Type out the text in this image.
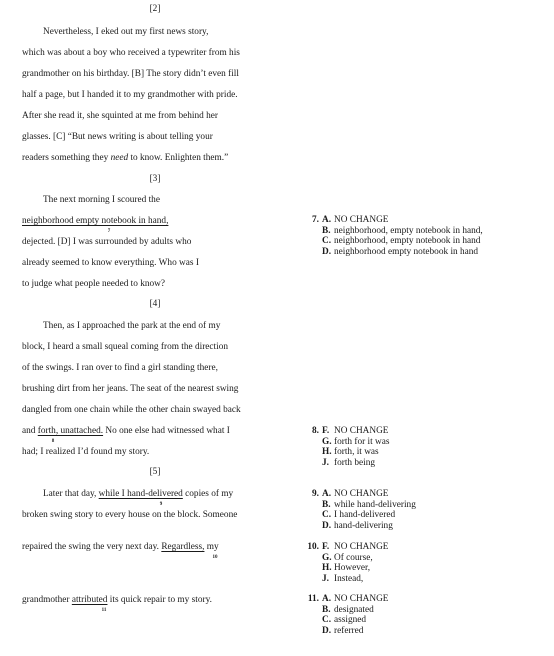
[2]
[3]
[4]
[5]
Nevertheless, I eked out my first news story,
which was about a boy who received a typewriter from his
grandmother on his birthday. [B] The story didn’t even fill
half a page, but I handed it to my grandmother with pride.
After she read it, she squinted at me from behind her
glasses. [C] “But news writing is about telling your
readers something they need to know. Enlighten them.”
The next morning I scoured the
neighborhood empty notebook in hand,
7
dejected. [D] I was surrounded by adults who
already seemed to know everything. Who was I
to judge what people needed to know?
Then, as I approached the park at the end of my
block, I heard a small squeal coming from the direction
of the swings. I ran over to find a girl standing there,
brushing dirt from her jeans. The seat of the nearest swing
dangled from one chain while the other chain swayed back
and forth, unattached. No one else had witnessed what I
8
had; I realized I’d found my story.
Later that day, while I hand-delivered copies of my
9
broken swing story to every house on the block. Someone
repaired the swing the very next day. Regardless, my
10
grandmother attributed its quick repair to my story.
11
7. A. NO CHANGE
B. neighborhood, empty notebook in hand,
C. neighborhood, empty notebook in hand
D. neighborhood empty notebook in hand
8. F. NO CHANGE
G. forth for it was
H. forth, it was
J. forth being
9. A. NO CHANGE
B. while hand-delivering
C. I hand-delivered
D. hand-delivering
10. F. NO CHANGE
G. Of course,
H. However,
J. Instead,
11. A. NO CHANGE
B. designated
C. assigned
D. referred
